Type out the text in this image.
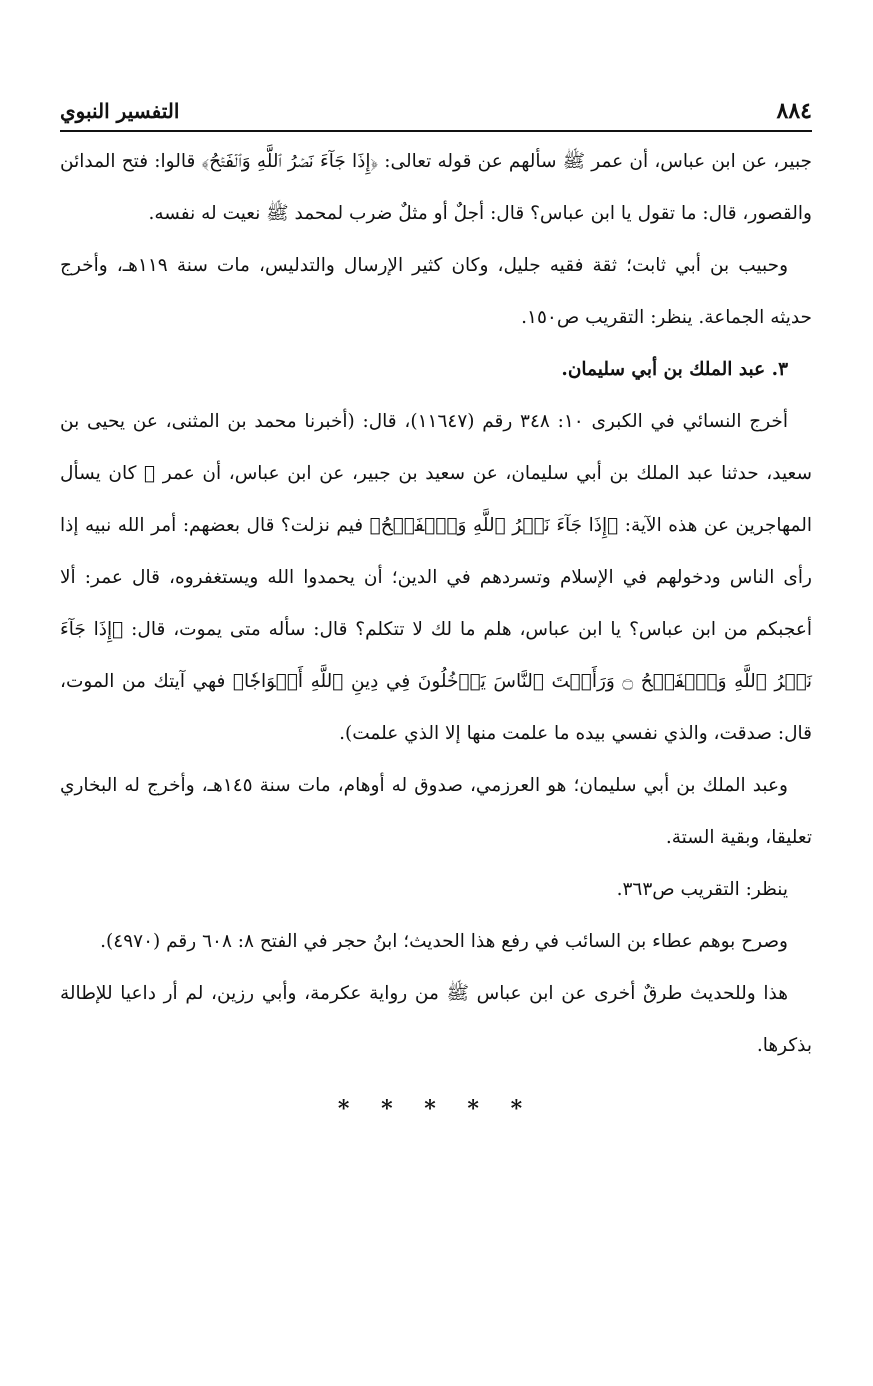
٨٨٤
التفسير النبوي

جبير، عن ابن عباس، أن عمر ﷺ سألهم عن قوله تعالى: ﴿إِذَا جَآءَ نَصۡرُ ٱللَّهِ وَٱلۡفَتۡحُ﴾ قالوا: فتح المدائن والقصور، قال: ما تقول يا ابن عباس؟ قال: أجلٌ أو مثلٌ ضرب لمحمد ﷺ نعيت له نفسه.

وحبيب بن أبي ثابت؛ ثقة فقيه جليل، وكان كثير الإرسال والتدليس، مات سنة ١١٩هـ، وأخرج حديثه الجماعة. ينظر: التقريب ص١٥٠.

٣. عبد الملك بن أبي سليمان.

أخرج النسائي في الكبرى ١٠: ٣٤٨ رقم (١١٦٤٧)، قال: (أخبرنا محمد بن المثنى، عن يحيى بن سعيد، حدثنا عبد الملك بن أبي سليمان، عن سعيد بن جبير، عن ابن عباس، أن عمر ﷺ كان يسأل المهاجرين عن هذه الآية: ﴿إِذَا جَآءَ نَصۡرُ ٱللَّهِ وَٱلۡفَتۡحُ﴾ فيم نزلت؟ قال بعضهم: أمر الله نبيه إذا رأى الناس ودخولهم في الإسلام وتسردهم في الدين؛ أن يحمدوا الله ويستغفروه، قال عمر: ألا أعجبكم من ابن عباس؟ يا ابن عباس، هلم ما لك لا تتكلم؟ قال: سأله متى يموت، قال: ﴿إِذَا جَآءَ نَصۡرُ ٱللَّهِ وَٱلۡفَتۡحُ ۝ وَرَأَيۡتَ ٱلنَّاسَ يَدۡخُلُونَ فِي دِينِ ٱللَّهِ أَفۡوَاجٗا﴾ فهي آيتك من الموت، قال: صدقت، والذي نفسي بيده ما علمت منها إلا الذي علمت).

وعبد الملك بن أبي سليمان؛ هو العرزمي، صدوق له أوهام، مات سنة ١٤٥هـ، وأخرج له البخاري تعليقا، وبقية الستة.

ينظر: التقريب ص٣٦٣.

وصرح بوهم عطاء بن السائب في رفع هذا الحديث؛ ابنُ حجر في الفتح ٨: ٦٠٨ رقم (٤٩٧٠).

هذا وللحديث طرقٌ أخرى عن ابن عباس ﷺ من رواية عكرمة، وأبي رزين، لم أر داعيا للإطالة بذكرها.

* * * * *
